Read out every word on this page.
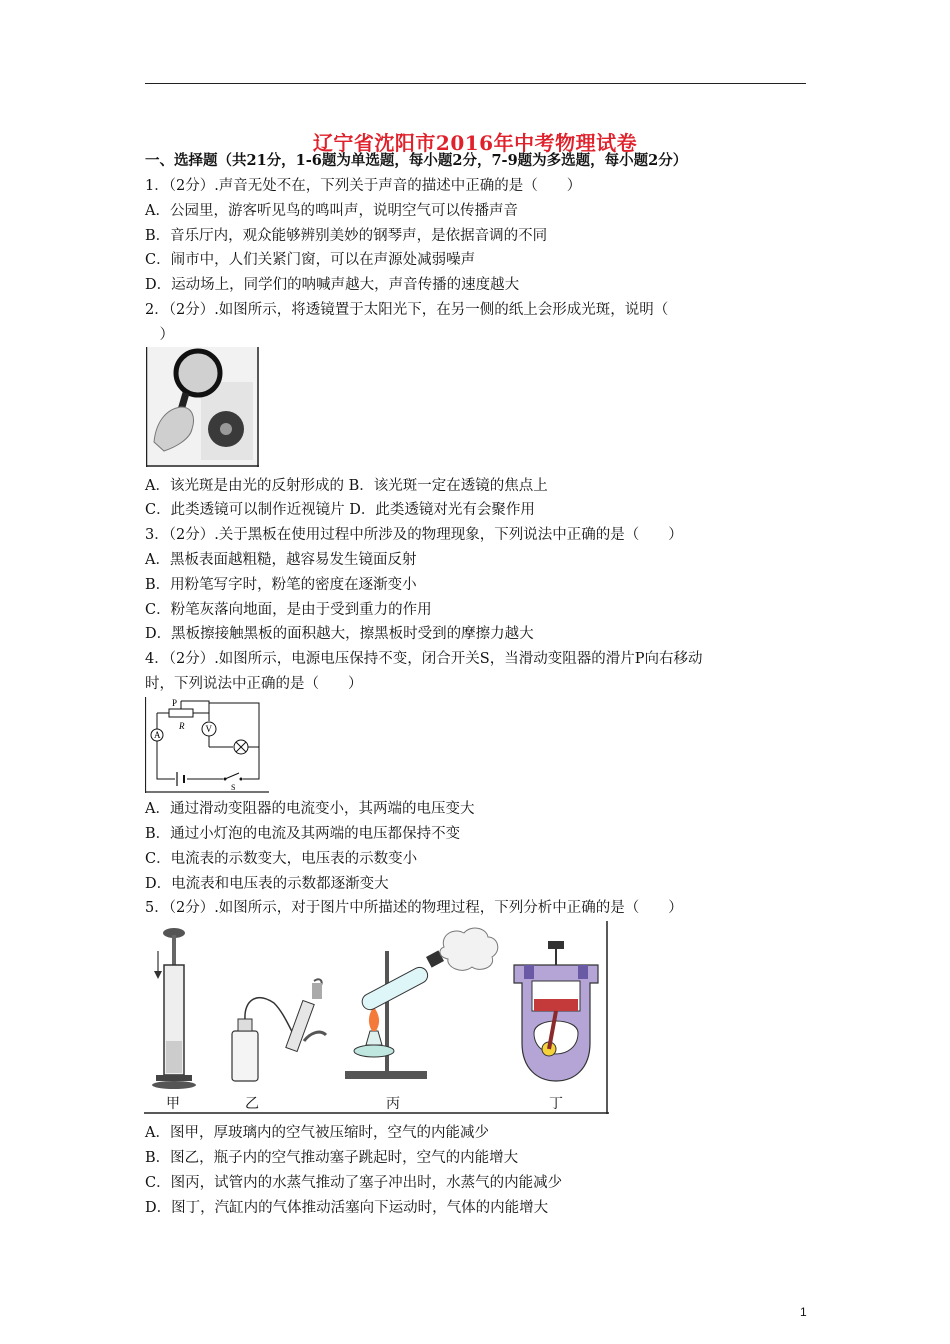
辽宁省沈阳市2016年中考物理试卷
一、选择题（共21分，1-6题为单选题，每小题2分，7-9题为多选题，每小题2分）
1．（2分）.声音无处不在，下列关于声音的描述中正确的是（　　）
A．公园里，游客听见鸟的鸣叫声，说明空气可以传播声音
B．音乐厅内，观众能够辨别美妙的钢琴声，是依据音调的不同
C．闹市中，人们关紧门窗，可以在声源处减弱噪声
D．运动场上，同学们的呐喊声越大，声音传播的速度越大
2．（2分）.如图所示，将透镜置于太阳光下，在另一侧的纸上会形成光斑，说明（
　）
A．该光斑是由光的反射形成的 B．该光斑一定在透镜的焦点上
C．此类透镜可以制作近视镜片 D．此类透镜对光有会聚作用
3．（2分）.关于黑板在使用过程中所涉及的物理现象，下列说法中正确的是（　　）
A．黑板表面越粗糙，越容易发生镜面反射
B．用粉笔写字时，粉笔的密度在逐渐变小
C．粉笔灰落向地面，是由于受到重力的作用
D．黑板擦接触黑板的面积越大，擦黑板时受到的摩擦力越大
4．（2分）.如图所示，电源电压保持不变，闭合开关S，当滑动变阻器的滑片P向右移动
时，下列说法中正确的是（　　）
P
R
A
V
S
A．通过滑动变阻器的电流变小，其两端的电压变大
B．通过小灯泡的电流及其两端的电压都保持不变
C．电流表的示数变大，电压表的示数变小
D．电流表和电压表的示数都逐渐变大
5．（2分）.如图所示，对于图片中所描述的物理过程，下列分析中正确的是（　　）
甲	乙	丙	丁
A．图甲，厚玻璃内的空气被压缩时，空气的内能减少
B．图乙，瓶子内的空气推动塞子跳起时，空气的内能增大
C．图丙，试管内的水蒸气推动了塞子冲出时，水蒸气的内能减少
D．图丁，汽缸内的气体推动活塞向下运动时，气体的内能增大
1
